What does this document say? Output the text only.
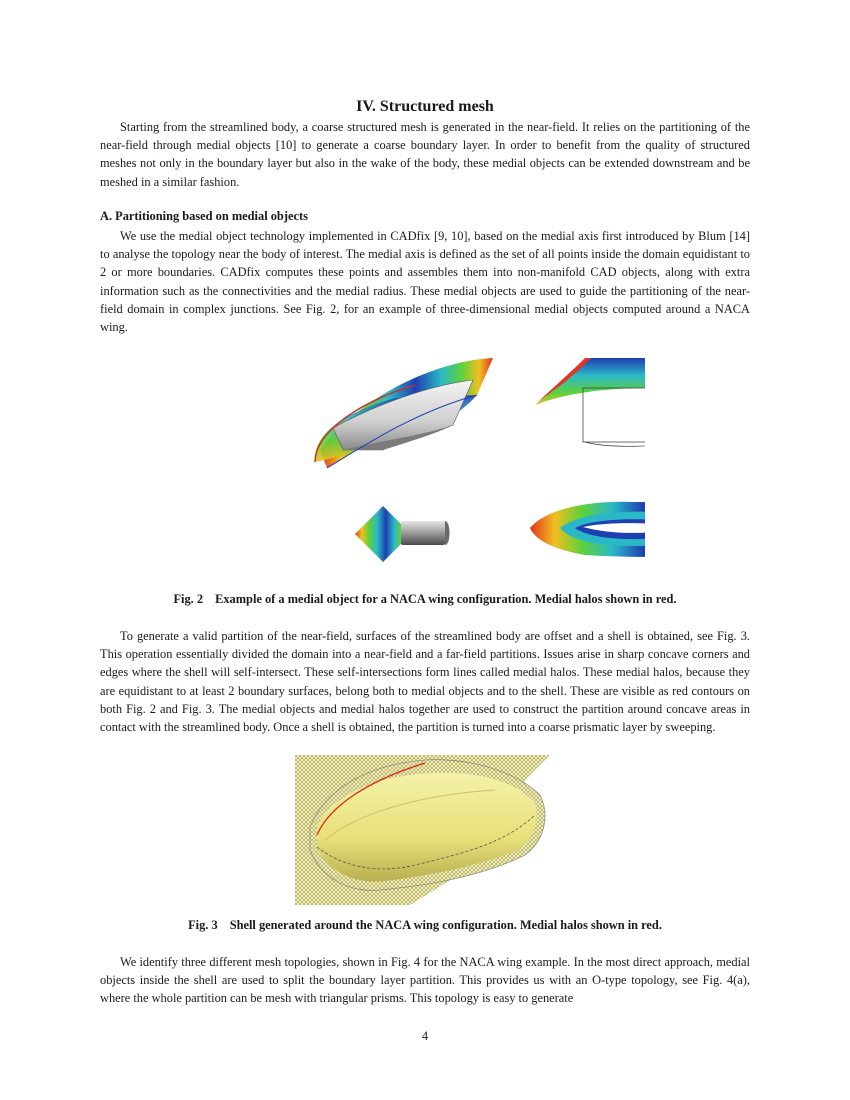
IV. Structured mesh

Starting from the streamlined body, a coarse structured mesh is generated in the near-field. It relies on the partitioning of the near-field through medial objects [10] to generate a coarse boundary layer. In order to benefit from the quality of structured meshes not only in the boundary layer but also in the wake of the body, these medial objects can be extended downstream and be meshed in a similar fashion.

A. Partitioning based on medial objects

We use the medial object technology implemented in CADfix [9, 10], based on the medial axis first introduced by Blum [14] to analyse the topology near the body of interest. The medial axis is defined as the set of all points inside the domain equidistant to 2 or more boundaries. CADfix computes these points and assembles them into non-manifold CAD objects, along with extra information such as the connectivities and the medial radius. These medial objects are used to guide the partitioning of the near-field domain in complex junctions. See Fig. 2, for an example of three-dimensional medial objects computed around a NACA wing.

Fig. 2 Example of a medial object for a NACA wing configuration. Medial halos shown in red.

To generate a valid partition of the near-field, surfaces of the streamlined body are offset and a shell is obtained, see Fig. 3. This operation essentially divided the domain into a near-field and a far-field partitions. Issues arise in sharp concave corners and edges where the shell will self-intersect. These self-intersections form lines called medial halos. These medial halos, because they are equidistant to at least 2 boundary surfaces, belong both to medial objects and to the shell. These are visible as red contours on both Fig. 2 and Fig. 3. The medial objects and medial halos together are used to construct the partition around concave areas in contact with the streamlined body. Once a shell is obtained, the partition is turned into a coarse prismatic layer by sweeping.

Fig. 3 Shell generated around the NACA wing configuration. Medial halos shown in red.

We identify three different mesh topologies, shown in Fig. 4 for the NACA wing example. In the most direct approach, medial objects inside the shell are used to split the boundary layer partition. This provides us with an O-type topology, see Fig. 4(a), where the whole partition can be mesh with triangular prisms. This topology is easy to generate

4
